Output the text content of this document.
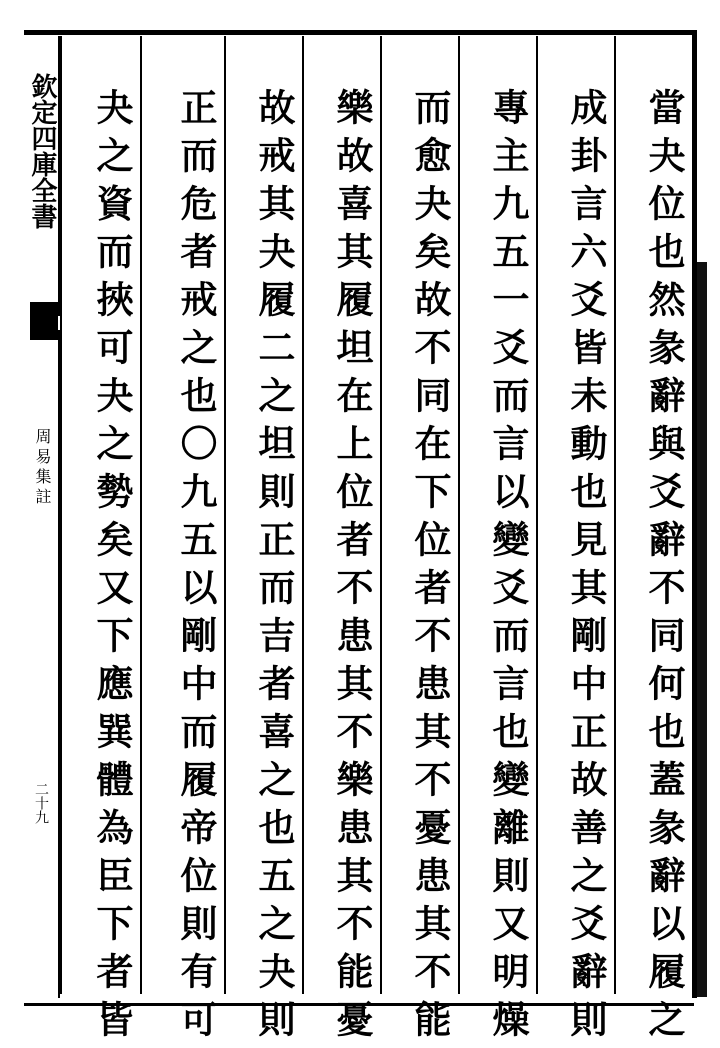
欽定四庫全書
周易集註
二十九	當夬位也然彖辭與爻辭不同何也蓋彖辭以履之
成卦言六爻皆未動也見其剛中正故善之爻辭則
專主九五一爻而言以變爻而言也變離則又明燥
而愈夬矣故不同在下位者不患其不憂患其不能
樂故喜其履坦在上位者不患其不樂患其不能憂
故戒其夬履二之坦則正而吉者喜之也五之夬則
正而危者戒之也〇九五以剛中而履帝位則有可
夬之資而挾可夬之勢矣又下應巽體為臣下者皆
